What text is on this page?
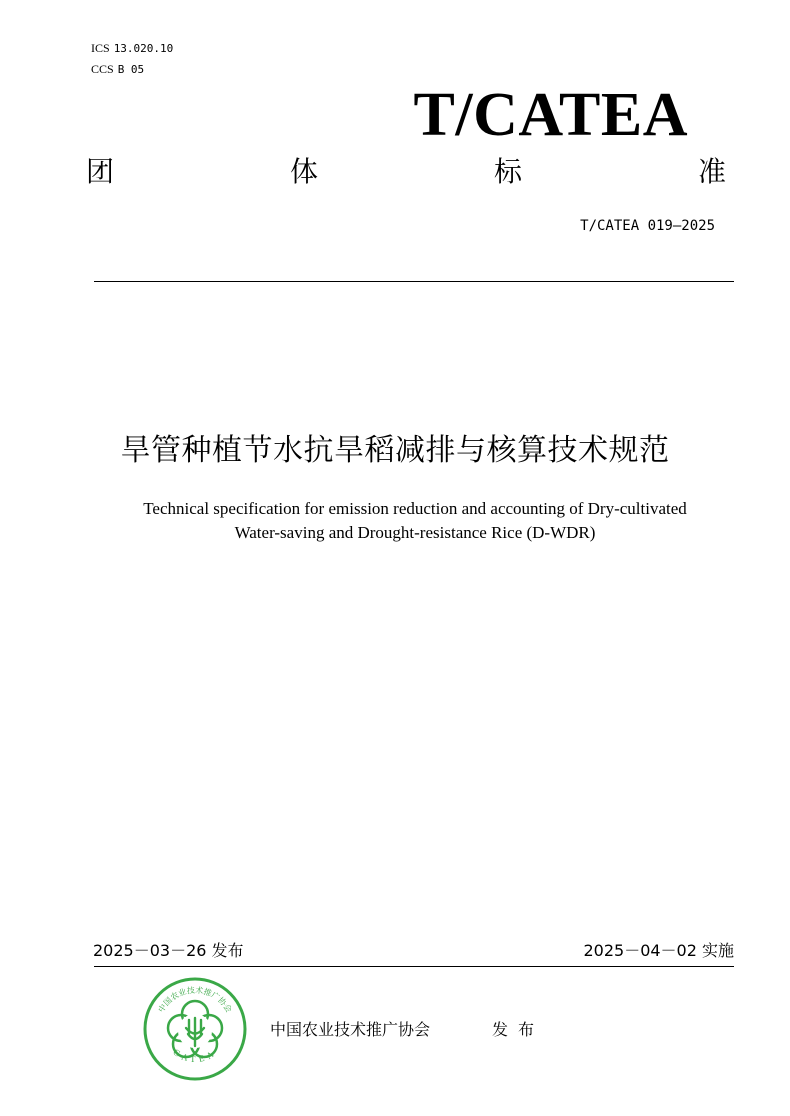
ICS 13.020.10
CCS B 05
T/CATEA
团	体	标	准
T/CATEA 019—2025
旱管种植节水抗旱稻减排与核算技术规范
Technical specification for emission reduction and accounting of Dry-cultivated
Water-saving and Drought-resistance Rice (D-WDR)
2025－03－26 发布	2025－04－02 实施
中国农业技术推广协会
CATEA
中国农业技术推广协会	发布
